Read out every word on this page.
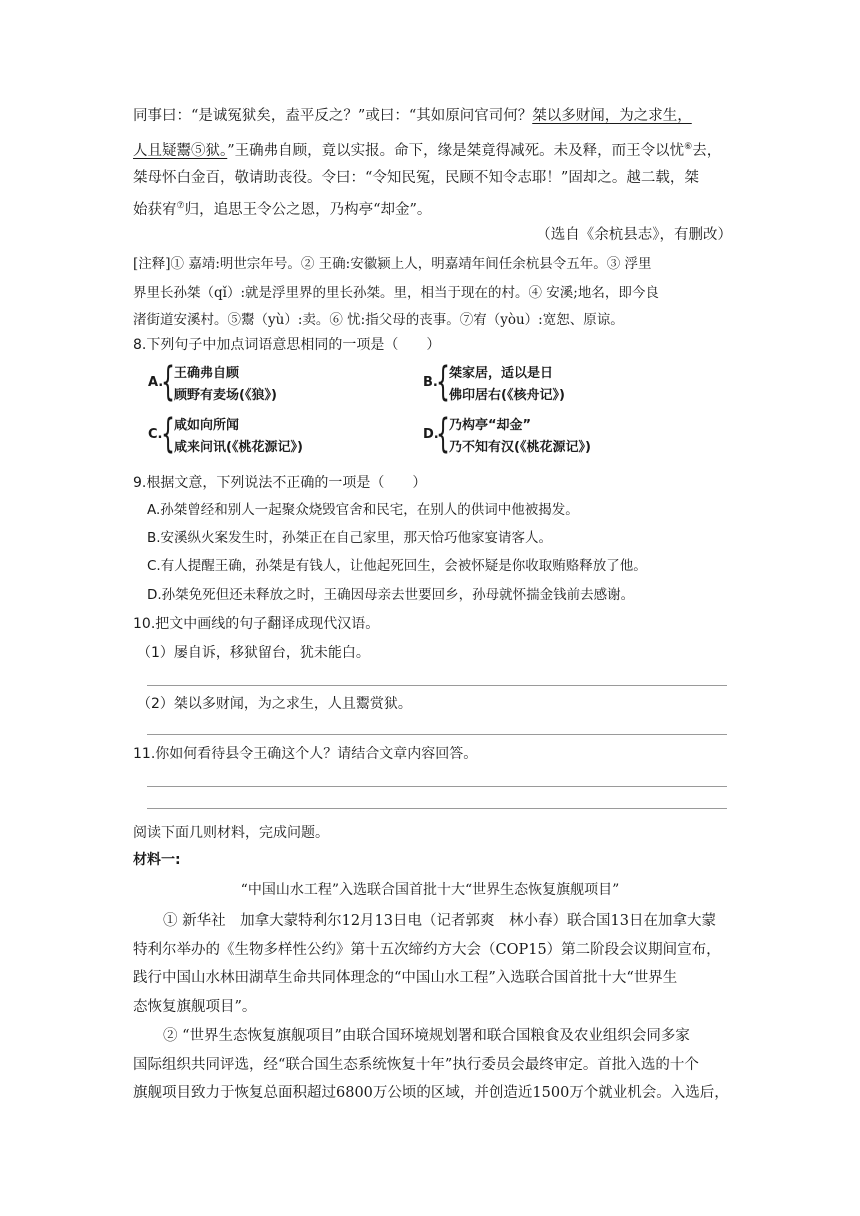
同事曰：“是诚冤狱矣，盍平反之？”或曰：“其如原问官司何？桀以多财闻，为之求生，
人且疑鬻⑤狱。”王确弗自顾，竟以实报。命下，缘是桀竟得减死。未及释，而王令以忧⑥去，
桀母怀白金百，敬请助丧役。令曰：“令知民冤，民顾不知令志耶！”固却之。越二载，桀
始获宥⑦归，追思王令公之恩，乃构亭“却金”。
（选自《余杭县志》，有删改）
[注释]① 嘉靖:明世宗年号。② 王确:安徽颍上人，明嘉靖年间任余杭县令五年。③ 浮里
界里长孙桀（qǐ）:就是浮里界的里长孙桀。里，相当于现在的村。④ 安溪;地名，即今良
渚街道安溪村。⑤鬻（yù）:卖。⑥ 忧:指父母的丧事。⑦宥（yòu）:宽恕、原谅。
8.下列句子中加点词语意思相同的一项是（　　）
A.
{ 王确弗自顾
顾野有麦场(《狼》)
B.
{ 桀家居，适以是日
佛印居右(《核舟记》)
C.
{ 咸如向所闻
咸来问讯(《桃花源记》)
D.
{ 乃构亭“却金”
乃不知有汉(《桃花源记》)
9.根据文意，下列说法不正确的一项是（　　）
A.孙桀曾经和别人一起聚众烧毁官舍和民宅，在别人的供词中他被揭发。
B.安溪纵火案发生时，孙桀正在自己家里，那天恰巧他家宴请客人。
C.有人提醒王确，孙桀是有钱人，让他起死回生，会被怀疑是你收取贿赂释放了他。
D.孙桀免死但还未释放之时，王确因母亲去世要回乡，孙母就怀揣金钱前去感谢。
10.把文中画线的句子翻译成现代汉语。
（1）屡自诉，移狱留台，犹未能白。
（2）桀以多财闻，为之求生，人且鬻赏狱。
11.你如何看待县令王确这个人？请结合文章内容回答。
阅读下面几则材料，完成问题。
材料一:
“中国山水工程”入选联合国首批十大“世界生态恢复旗舰项目”
① 新华社　加拿大蒙特利尔12月13日电（记者郭爽　林小春）联合国13日在加拿大蒙
特利尔举办的《生物多样性公约》第十五次缔约方大会（COP15）第二阶段会议期间宣布，
践行中国山水林田湖草生命共同体理念的“中国山水工程”入选联合国首批十大“世界生
态恢复旗舰项目”。
② “世界生态恢复旗舰项目”由联合国环境规划署和联合国粮食及农业组织会同多家
国际组织共同评选，经“联合国生态系统恢复十年”执行委员会最终审定。首批入选的十个
旗舰项目致力于恢复总面积超过6800万公顷的区域，并创造近1500万个就业机会。入选后，
